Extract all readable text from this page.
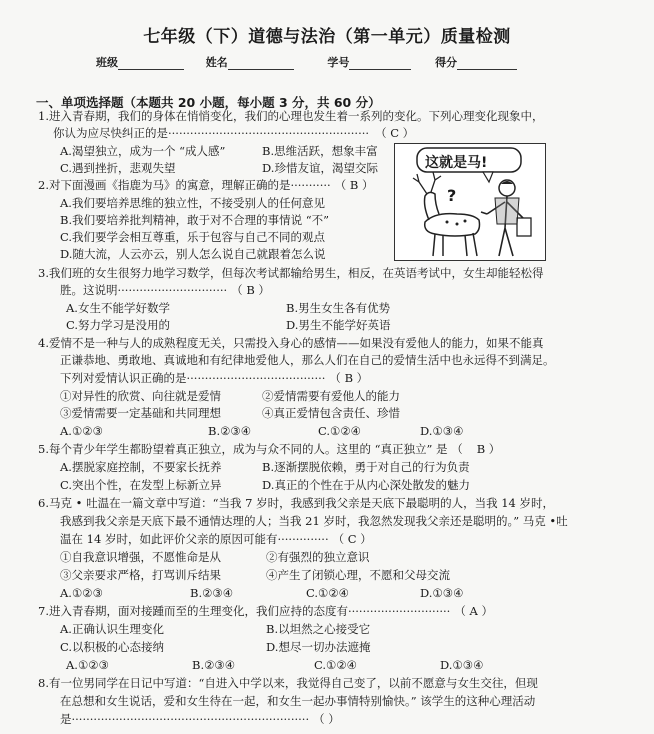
七年级（下）道德与法治（第一单元）质量检测
班级	姓名	学号	得分
一、单项选择题（本题共 20 小题，每小题 3 分，共 60 分）
1.进入青春期，我们的身体在悄悄变化，我们的心理也发生着一系列的变化。下列心理变化现象中，
你认为应尽快纠正的是······················································· （ C ）
A.渴望独立，成为一个 “成人感”	B.思维活跃，想象丰富
C.遇到挫折，悲观失望	D.珍惜友谊，渴望交际
2.对下面漫画《指鹿为马》的寓意，理解正确的是··········· （ B ）
A.我们要培养思维的独立性，不接受别人的任何意见
B.我们要培养批判精神，敢于对不合理的事情说 “不”
C.我们要学会相互尊重，乐于包容与自己不同的观点
D.随大流，人云亦云，别人怎么说自己就跟着怎么说
这就是马!
?
3.我们班的女生很努力地学习数学，但每次考试都输给男生，相反，在英语考试中，女生却能轻松得
胜。这说明······························ （ B ）
A.女生不能学好数学	B.男生女生各有优势
C.努力学习是没用的	D.男生不能学好英语
4.爱情不是一种与人的成熟程度无关，只需投入身心的感情——如果没有爱他人的能力，如果不能真
正谦恭地、勇敢地、真诚地和有纪律地爱他人，那么人们在自己的爱情生活中也永远得不到满足。
下列对爱情认识正确的是······································ （ B ）
①对异性的欣赏、向往就是爱情	②爱情需要有爱他人的能力
③爱情需要一定基础和共同理想	④真正爱情包含责任、珍惜
A.①②③	B.②③④	C.①②④	D.①③④
5.每个青少年学生都盼望着真正独立，成为与众不同的人。这里的 “真正独立” 是 （ B ）
A.摆脱家庭控制，不要家长抚养	B.逐渐摆脱依赖，勇于对自己的行为负责
C.突出个性，在发型上标新立异	D.真正的个性在于从内心深处散发的魅力
6.马克 • 吐温在一篇文章中写道：“当我 7 岁时，我感到我父亲是天底下最聪明的人，当我 14 岁时，
我感到我父亲是天底下最不通情达理的人；当我 21 岁时，我忽然发现我父亲还是聪明的。” 马克 •吐
温在 14 岁时，如此评价父亲的原因可能有·············· （ C ）
①自我意识增强，不愿惟命是从	②有强烈的独立意识
③父亲要求严格，打骂训斥结果	④产生了闭锁心理，不愿和父母交流
A.①②③	B.②③④	C.①②④	D.①③④
7.进入青春期，面对接踵而至的生理变化，我们应持的态度有···························· （ A ）
A.正确认识生理变化	B.以坦然之心接受它
C.以积极的心态接纳	D.想尽一切办法遮掩
A.①②③	B.②③④	C.①②④	D.①③④
8.有一位男同学在日记中写道：“自进入中学以来，我觉得自己变了，以前不愿意与女生交往，但现
在总想和女生说话，爱和女生待在一起，和女生一起办事情特别愉快。” 该学生的这种心理活动
是································································· （ ）
